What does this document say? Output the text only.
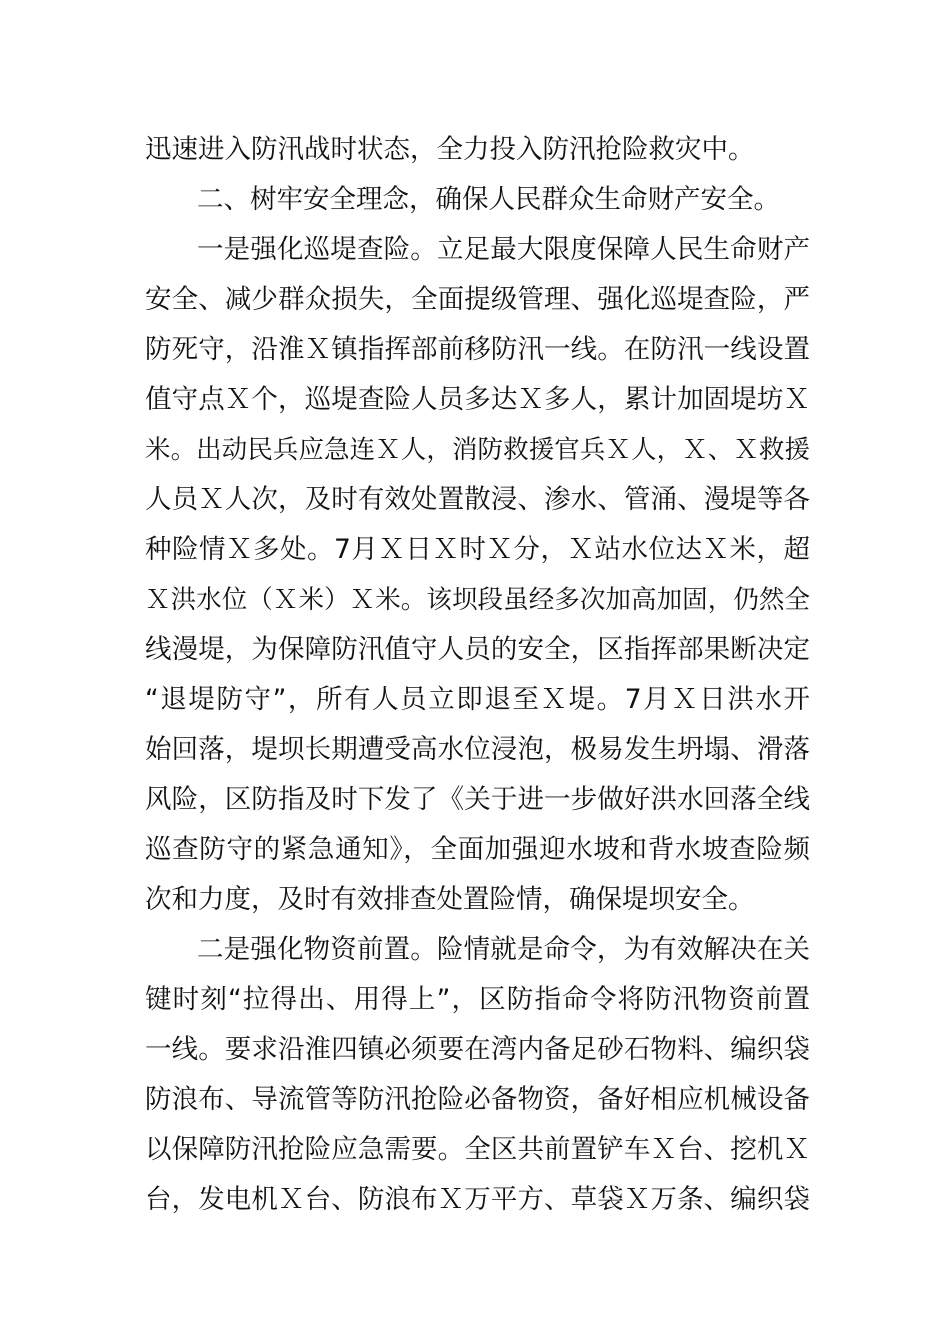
迅速进入防汛战时状态，全力投入防汛抢险救灾中。
二、树牢安全理念，确保人民群众生命财产安全。
一是强化巡堤查险。立足最大限度保障人民生命财产
安全、减少群众损失，全面提级管理、强化巡堤查险，严
防死守，沿淮Ｘ镇指挥部前移防汛一线。在防汛一线设置
值守点Ｘ个，巡堤查险人员多达Ｘ多人，累计加固堤坊Ｘ
米。出动民兵应急连Ｘ人，消防救援官兵Ｘ人，Ｘ、Ｘ救援
人员Ｘ人次，及时有效处置散浸、渗水、管涌、漫堤等各
种险情Ｘ多处。7月Ｘ日Ｘ时Ｘ分，Ｘ站水位达Ｘ米，超
Ｘ洪水位（Ｘ米）Ｘ米。该坝段虽经多次加高加固，仍然全
线漫堤，为保障防汛值守人员的安全，区指挥部果断决定
“退堤防守”，所有人员立即退至Ｘ堤。7月Ｘ日洪水开
始回落，堤坝长期遭受高水位浸泡，极易发生坍塌、滑落
风险，区防指及时下发了《关于进一步做好洪水回落全线
巡查防守的紧急通知》，全面加强迎水坡和背水坡查险频
次和力度，及时有效排查处置险情，确保堤坝安全。
二是强化物资前置。险情就是命令，为有效解决在关
键时刻“拉得出、用得上”，区防指命令将防汛物资前置
一线。要求沿淮四镇必须要在湾内备足砂石物料、编织袋
防浪布、导流管等防汛抢险必备物资，备好相应机械设备
以保障防汛抢险应急需要。全区共前置铲车Ｘ台、挖机Ｘ
台，发电机Ｘ台、防浪布Ｘ万平方、草袋Ｘ万条、编织袋
